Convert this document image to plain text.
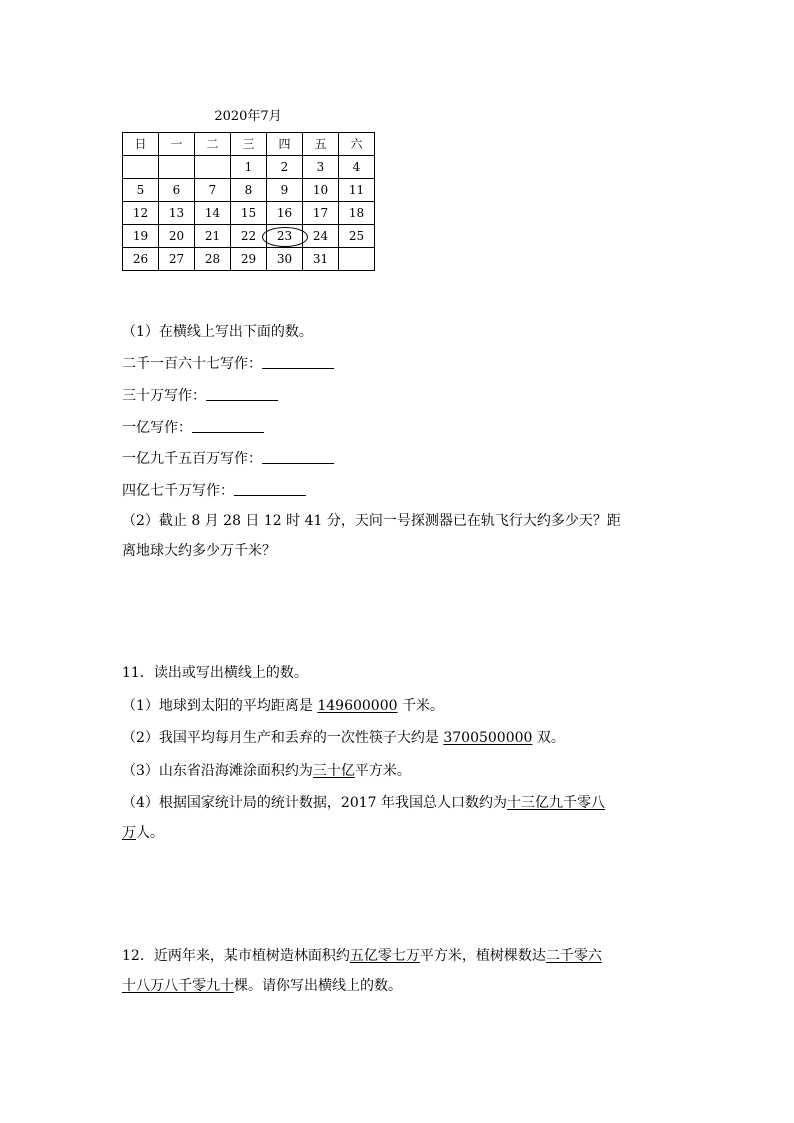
2020年7月
日	一	二	三	四	五	六
			1	2	3	4
5	6	7	8	9	10	11
12	13	14	15	16	17	18
19	20	21	22	23	24	25
26	27	28	29	30	31	
（1）在横线上写出下面的数。
二千一百六十七写作：
三十万写作：
一亿写作：
一亿九千五百万写作：
四亿七千万写作：
（2）截止 8 月 28 日 12 时 41 分，天问一号探测器已在轨飞行大约多少天？距
离地球大约多少万千米？
11．读出或写出横线上的数。
（1）地球到太阳的平均距离是 149600000 千米。
（2）我国平均每月生产和丢弃的一次性筷子大约是 3700500000 双。
（3）山东省沿海滩涂面积约为三十亿平方米。
（4）根据国家统计局的统计数据，2017 年我国总人口数约为十三亿九千零八
万人。
12．近两年来，某市植树造林面积约五亿零七万平方米，植树棵数达二千零六
十八万八千零九十棵。请你写出横线上的数。
